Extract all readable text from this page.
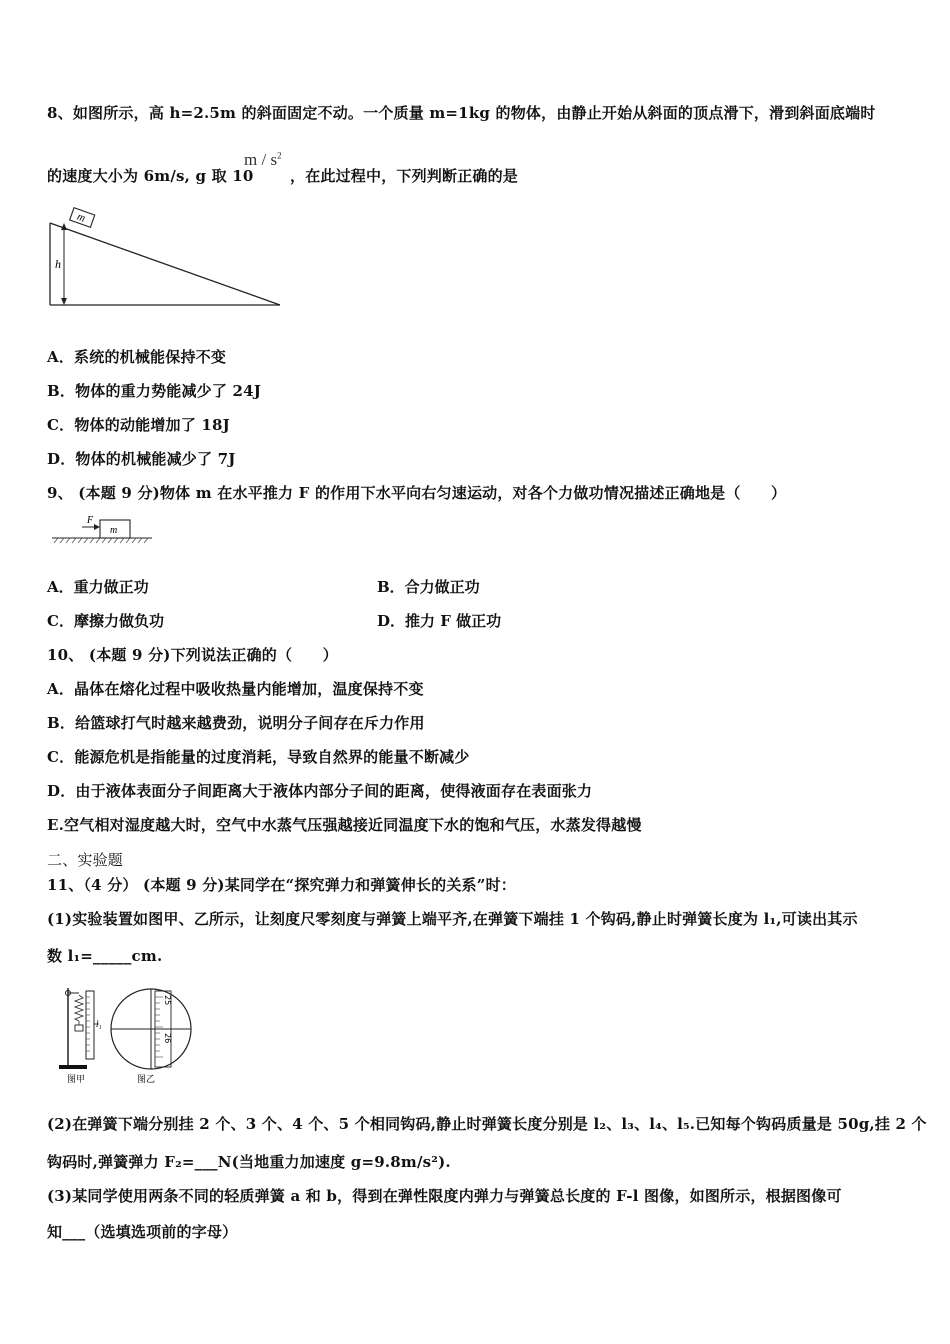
8、如图所示，高 h=2.5m 的斜面固定不动。一个质量 m=1kg 的物体，由静止开始从斜面的顶点滑下，滑到斜面底端时
的速度大小为 6m/s, g 取 10
m / $s^2$
，在此过程中，下列判断正确的是
m
h
A．系统的机械能保持不变
B．物体的重力势能减少了 24J
C．物体的动能增加了 18J
D．物体的机械能减少了 7J
9、 (本题 9 分)物体 m 在水平推力 F 的作用下水平向右匀速运动，对各个力做功情况描述正确地是（　　）
m
F
A．重力做正功	B．合力做正功
C．摩擦力做负功	D．推力 F 做正功
10、 (本题 9 分)下列说法正确的（　　）
A．晶体在熔化过程中吸收热量内能增加，温度保持不变
B．给篮球打气时越来越费劲，说明分子间存在斥力作用
C．能源危机是指能量的过度消耗，导致自然界的能量不断减少
D．由于液体表面分子间距离大于液体内部分子间的距离，使得液面存在表面张力
E.空气相对湿度越大时，空气中水蒸气压强越接近同温度下水的饱和气压，水蒸发得越慢
二、实验题
11、（4 分） (本题 9 分)某同学在“探究弹力和弹簧伸长的关系”时：
(1)实验装置如图甲、乙所示，让刻度尺零刻度与弹簧上端平齐,在弹簧下端挂 1 个钩码,静止时弹簧长度为 l₁,可读出其示
数 l₁=_____cm.
l₁
图甲
25
26
图乙
(2)在弹簧下端分别挂 2 个、3 个、4 个、5 个相同钩码,静止时弹簧长度分别是 l₂、l₃、l₄、l₅.已知每个钩码质量是 50g,挂 2 个
钩码时,弹簧弹力 F₂=___N(当地重力加速度 g=9.8m/s²).
(3)某同学使用两条不同的轻质弹簧 a 和 b，得到在弹性限度内弹力与弹簧总长度的 F-l 图像，如图所示，根据图像可
知___（选填选项前的字母）
